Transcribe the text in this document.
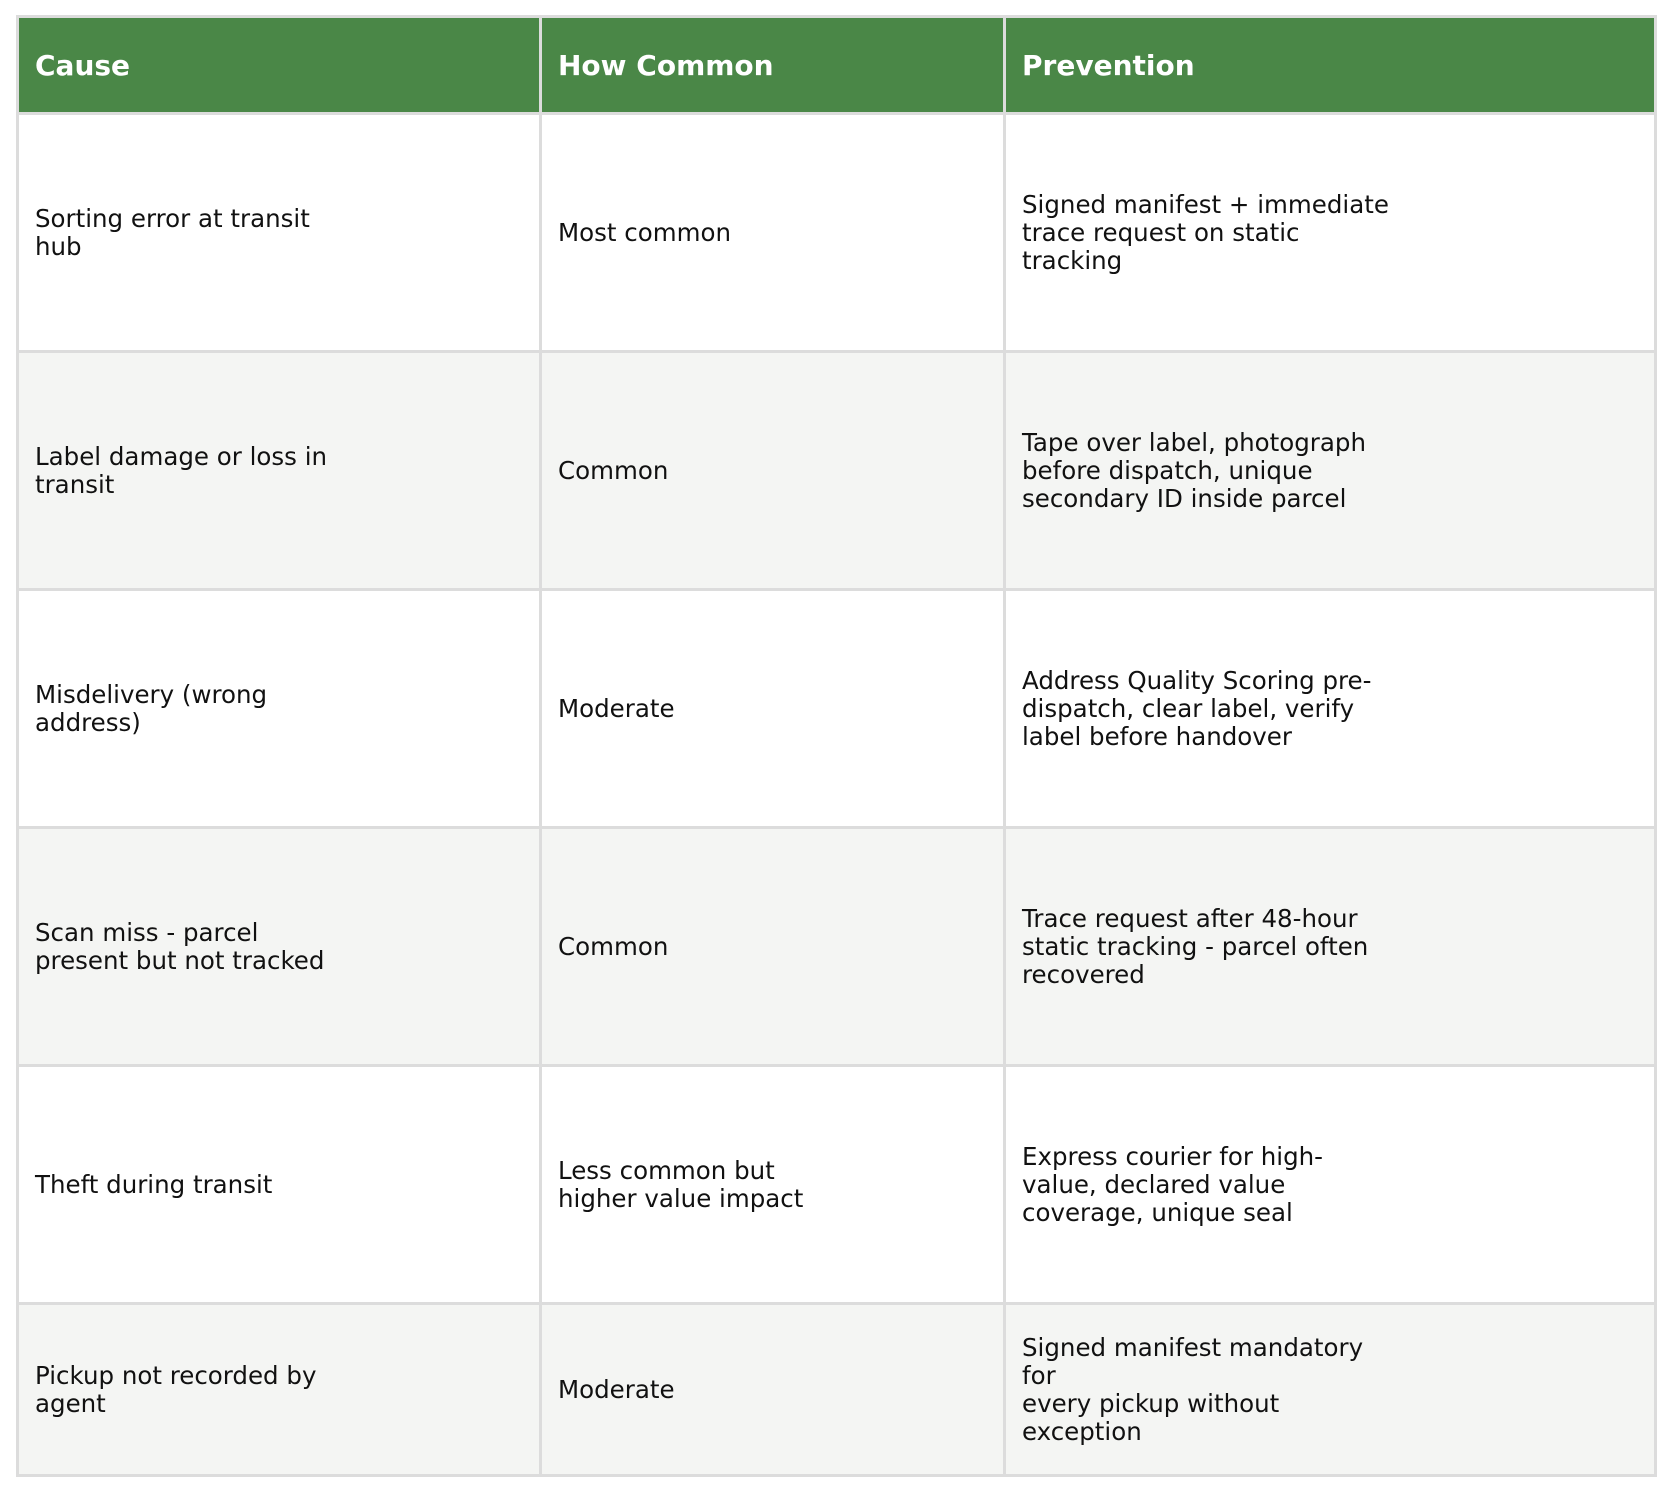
Cause	How Common	Prevention

Sorting error at transit
hub	Most common	Signed manifest + immediate
trace request on static
tracking

Label damage or loss in
transit	Common	Tape over label, photograph
before dispatch, unique
secondary ID inside parcel

Misdelivery (wrong
address)	Moderate	Address Quality Scoring pre-
dispatch, clear label, verify
label before handover

Scan miss - parcel
present but not tracked	Common	Trace request after 48-hour
static tracking - parcel often
recovered

Theft during transit	Less common but
higher value impact	Express courier for high-
value, declared value
coverage, unique seal

Pickup not recorded by
agent	Moderate	Signed manifest mandatory for
every pickup without exception
